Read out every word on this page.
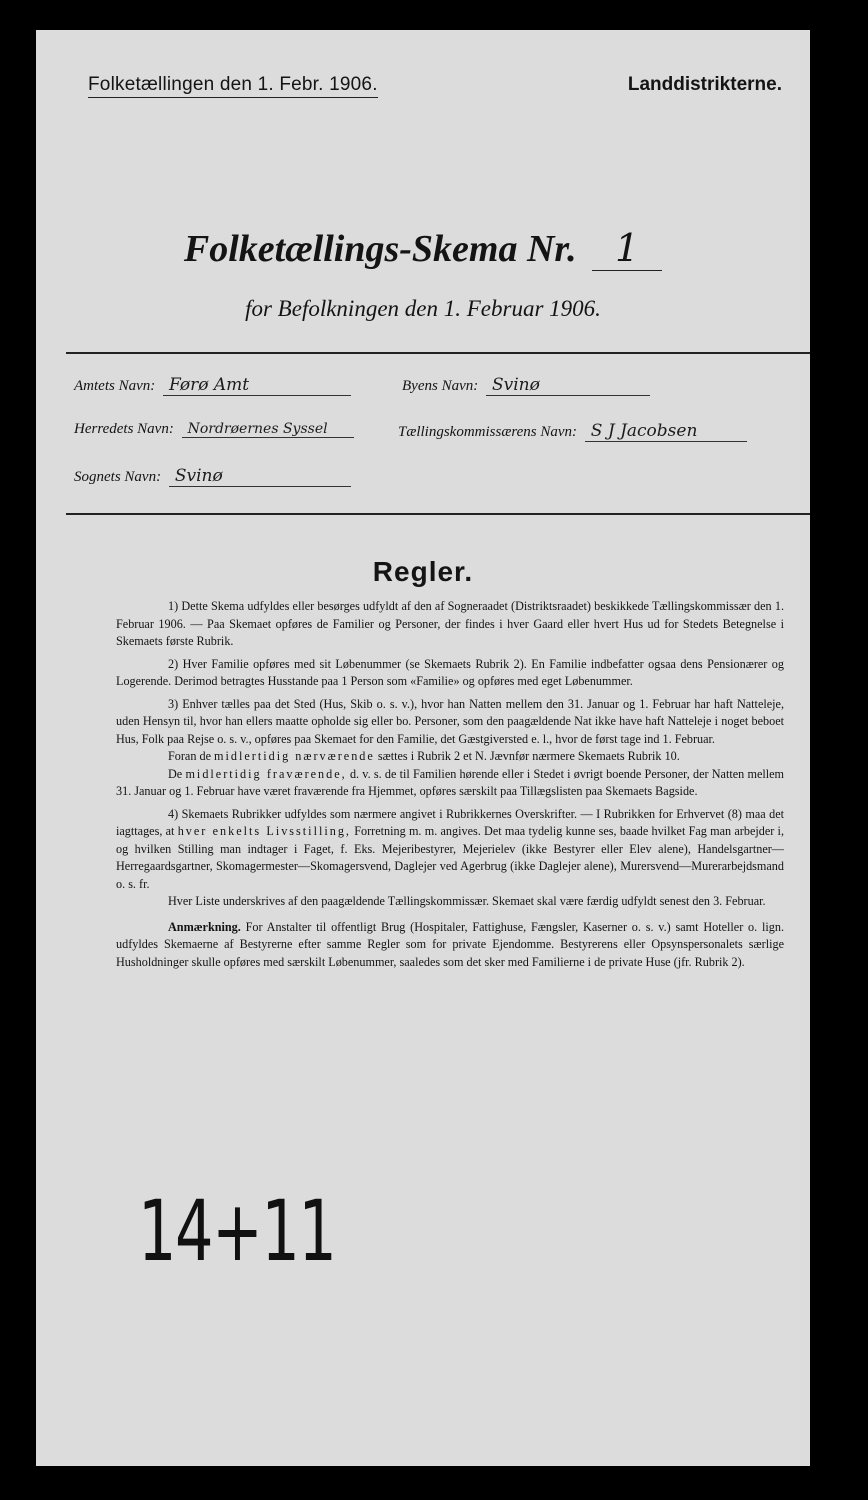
Folketællingen den 1. Febr. 1906.	Landdistrikterne.
Folketællings-Skema Nr. 1
for Befolkningen den 1. Februar 1906.
Amtets Navn: Førø Amt	Byens Navn: Svinø
Herredets Navn: Nordrøernes Syssel	Tællingskommissærens Navn: S J Jacobsen
Sognets Navn: Svinø
Regler.

1) Dette Skema udfyldes eller besørges udfyldt af den af Sogneraadet (Distriktsraadet) beskikkede Tællingskommissær den 1. Februar 1906. — Paa Skemaet opføres de Familier og Personer, der findes i hver Gaard eller hvert Hus ud for Stedets Betegnelse i Skemaets første Rubrik.

2) Hver Familie opføres med sit Løbenummer (se Skemaets Rubrik 2). En Familie indbefatter ogsaa dens Pensionærer og Logerende. Derimod betragtes Husstande paa 1 Person som «Familie» og opføres med eget Løbenummer.

3) Enhver tælles paa det Sted (Hus, Skib o. s. v.), hvor han Natten mellem den 31. Januar og 1. Februar har haft Natteleje, uden Hensyn til, hvor han ellers maatte opholde sig eller bo. Personer, som den paagældende Nat ikke have haft Natteleje i noget beboet Hus, Folk paa Rejse o. s. v., opføres paa Skemaet for den Familie, det Gæstgiversted e. l., hvor de først tage ind 1. Februar.

Foran de midlertidig nærværende sættes i Rubrik 2 et N. Jævnfør nærmere Skemaets Rubrik 10.

De midlertidig fraværende, d. v. s. de til Familien hørende eller i Stedet i øvrigt boende Personer, der Natten mellem 31. Januar og 1. Februar have været fraværende fra Hjemmet, opføres særskilt paa Tillægslisten paa Skemaets Bagside.

4) Skemaets Rubrikker udfyldes som nærmere angivet i Rubrikkernes Overskrifter. — I Rubrikken for Erhvervet (8) maa det iagttages, at hver enkelts Livsstilling, Forretning m. m. angives. Det maa tydelig kunne ses, baade hvilket Fag man arbejder i, og hvilken Stilling man indtager i Faget, f. Eks. Mejeribestyrer, Mejerielev (ikke Bestyrer eller Elev alene), Handelsgartner—Herregaardsgartner, Skomagermester—Skomagersvend, Daglejer ved Agerbrug (ikke Daglejer alene), Murersvend—Murerarbejdsmand o. s. fr.

Hver Liste underskrives af den paagældende Tællingskommissær. Skemaet skal være færdig udfyldt senest den 3. Februar.

Anmærkning. For Anstalter til offentligt Brug (Hospitaler, Fattighuse, Fængsler, Kaserner o. s. v.) samt Hoteller o. lign. udfyldes Skemaerne af Bestyrerne efter samme Regler som for private Ejendomme. Bestyrerens eller Opsynspersonalets særlige Husholdninger skulle opføres med særskilt Løbenummer, saaledes som det sker med Familierne i de private Huse (jfr. Rubrik 2).

14+11
